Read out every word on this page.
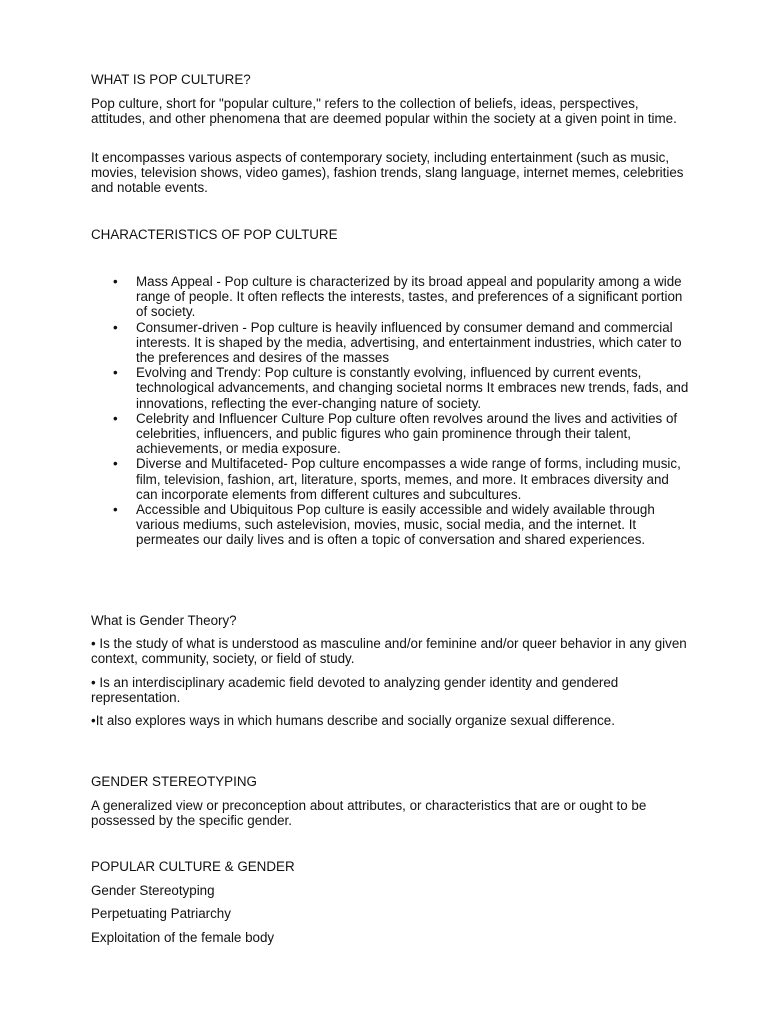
WHAT IS POP CULTURE?

Pop culture, short for "popular culture," refers to the collection of beliefs, ideas, perspectives, attitudes, and other phenomena that are deemed popular within the society at a given point in time.

It encompasses various aspects of contemporary society, including entertainment (such as music, movies, television shows, video games), fashion trends, slang language, internet memes, celebrities and notable events.

CHARACTERISTICS OF POP CULTURE

• Mass Appeal - Pop culture is characterized by its broad appeal and popularity among a wide range of people. It often reflects the interests, tastes, and preferences of a significant portion of society.
• Consumer-driven - Pop culture is heavily influenced by consumer demand and commercial interests. It is shaped by the media, advertising, and entertainment industries, which cater to the preferences and desires of the masses
• Evolving and Trendy: Pop culture is constantly evolving, influenced by current events, technological advancements, and changing societal norms It embraces new trends, fads, and innovations, reflecting the ever-changing nature of society.
• Celebrity and Influencer Culture Pop culture often revolves around the lives and activities of celebrities, influencers, and public figures who gain prominence through their talent, achievements, or media exposure.
• Diverse and Multifaceted- Pop culture encompasses a wide range of forms, including music, film, television, fashion, art, literature, sports, memes, and more. It embraces diversity and can incorporate elements from different cultures and subcultures.
• Accessible and Ubiquitous Pop culture is easily accessible and widely available through various mediums, such astelevision, movies, music, social media, and the internet. It permeates our daily lives and is often a topic of conversation and shared experiences.

What is Gender Theory?

• Is the study of what is understood as masculine and/or feminine and/or queer behavior in any given context, community, society, or field of study.

• Is an interdisciplinary academic field devoted to analyzing gender identity and gendered representation.

•It also explores ways in which humans describe and socially organize sexual difference.

GENDER STEREOTYPING

A generalized view or preconception about attributes, or characteristics that are or ought to be possessed by the specific gender.

POPULAR CULTURE & GENDER

Gender Stereotyping

Perpetuating Patriarchy

Exploitation of the female body
